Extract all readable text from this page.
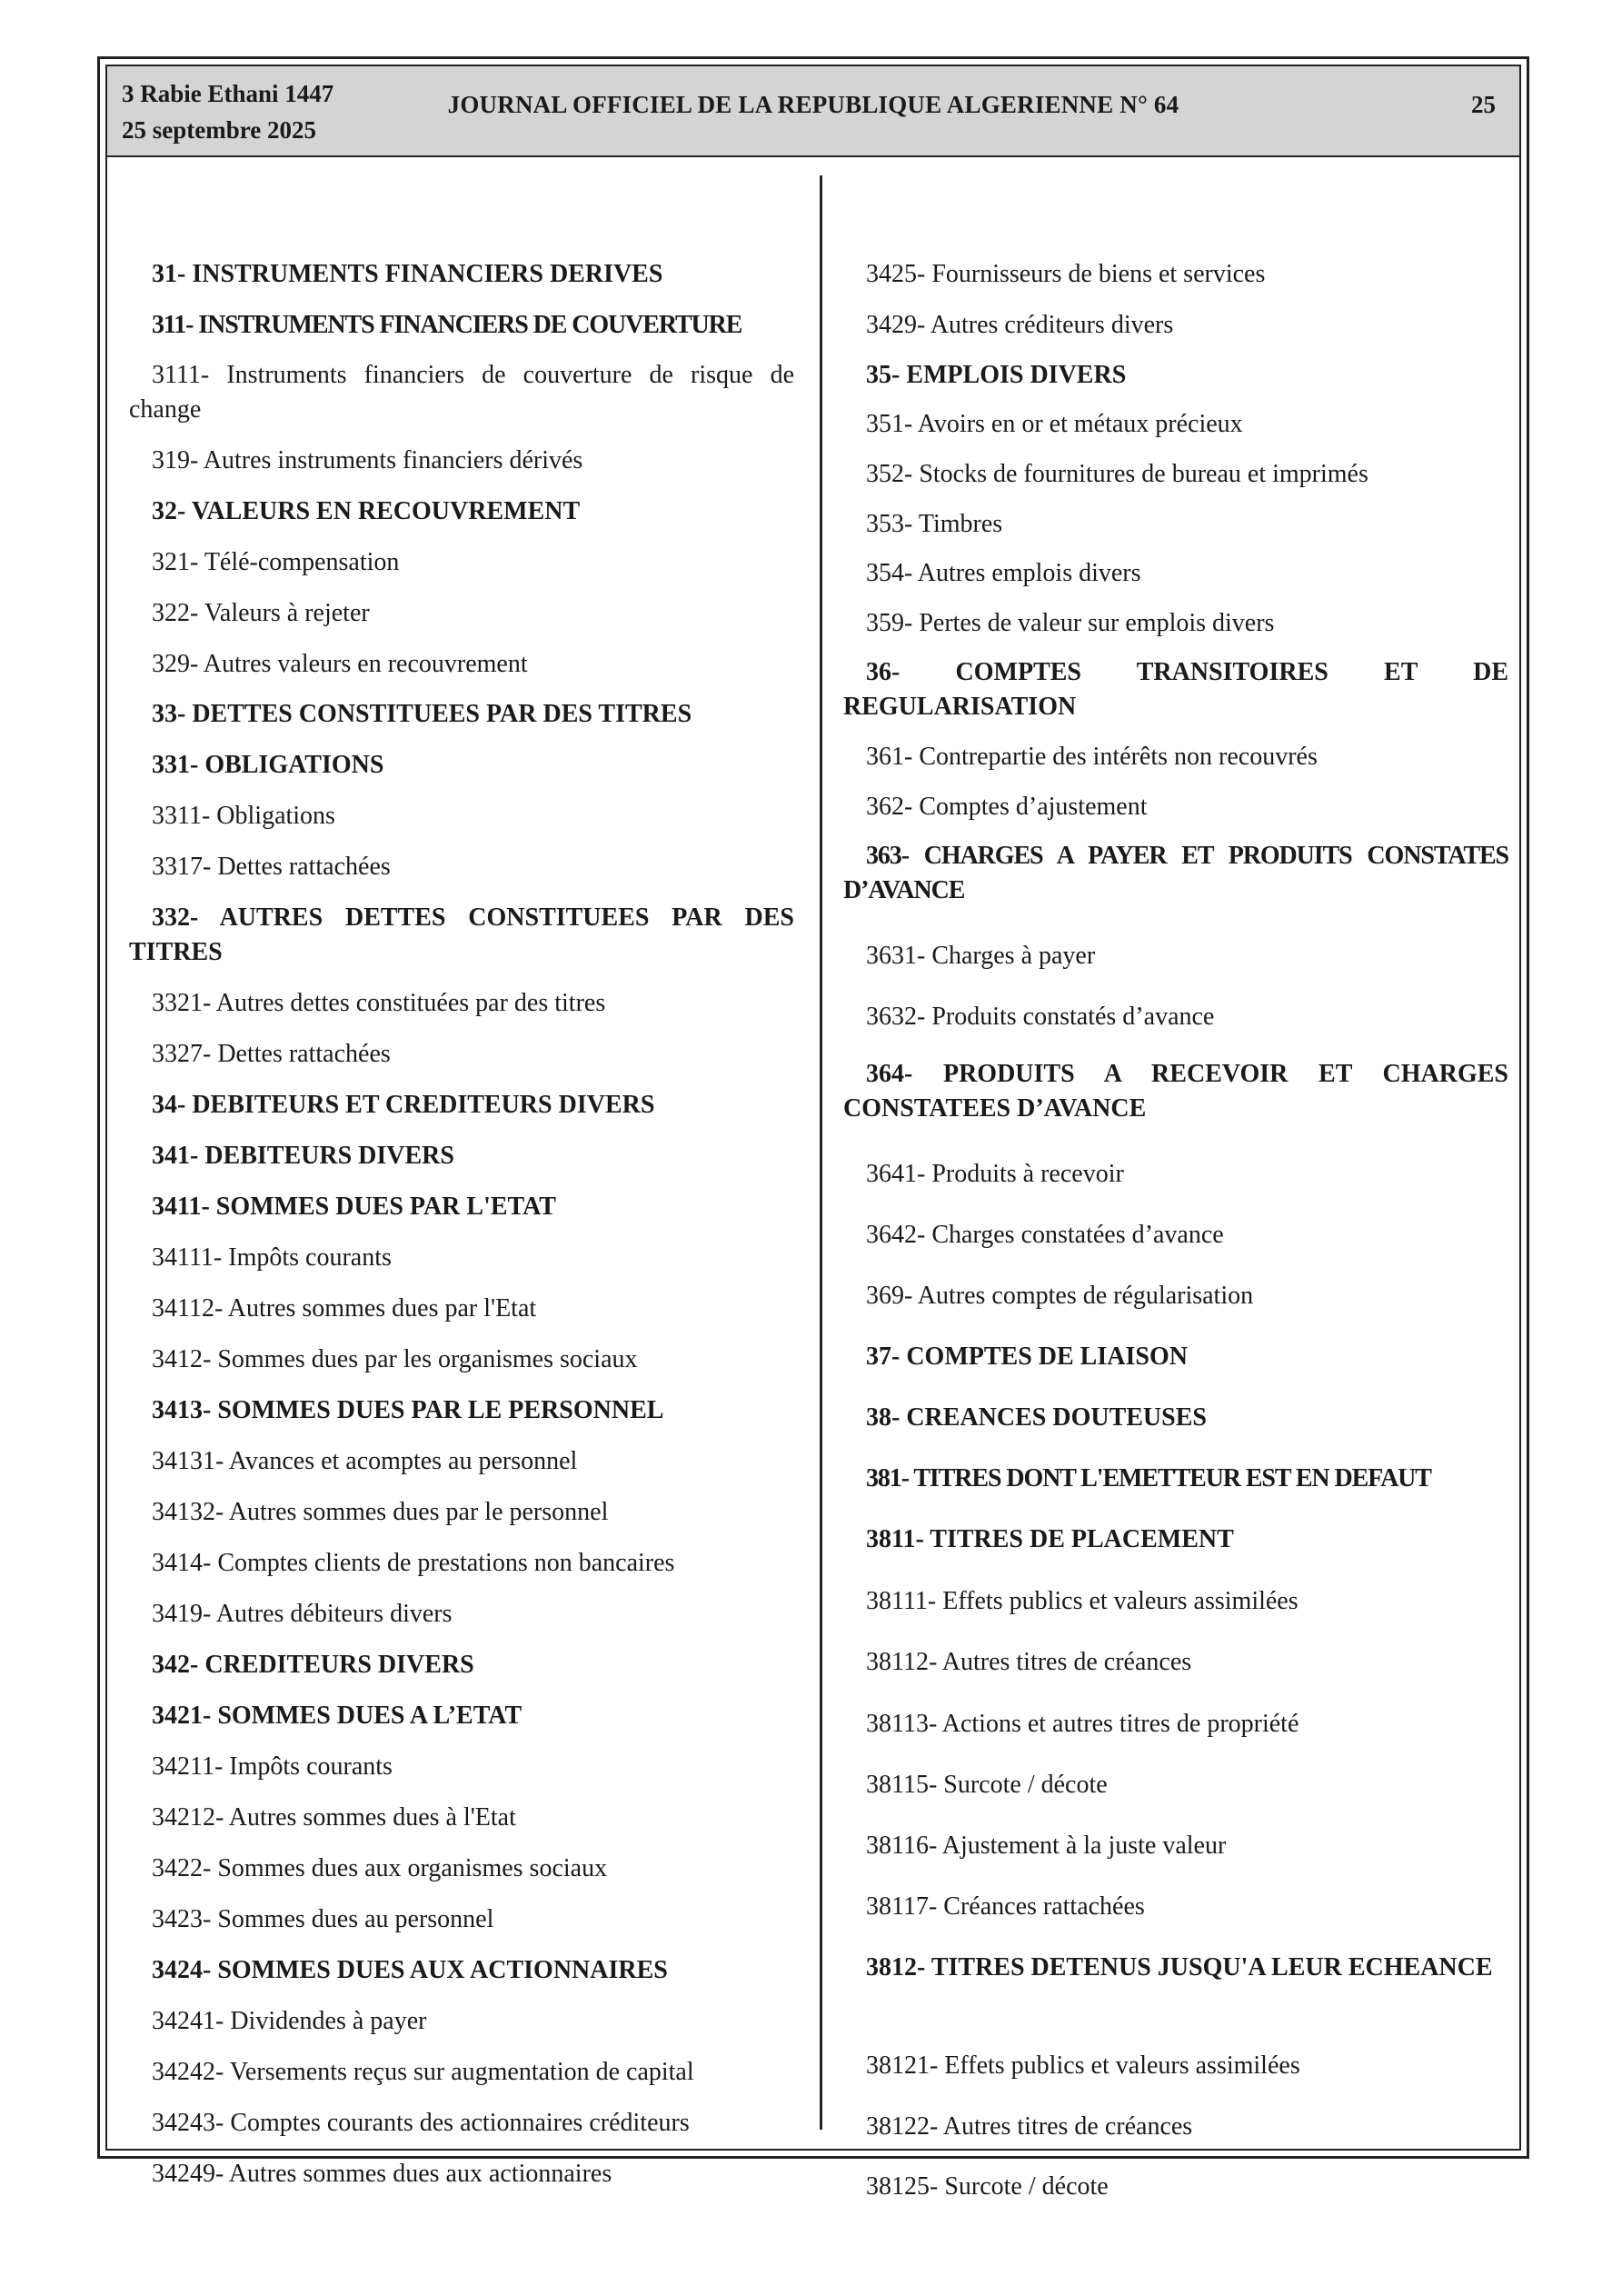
3 Rabie Ethani 1447
25 septembre 2025
JOURNAL OFFICIEL DE LA REPUBLIQUE ALGERIENNE N° 64	25
31- INSTRUMENTS FINANCIERS DERIVES
311- INSTRUMENTS FINANCIERS DE COUVERTURE
3111- Instruments financiers de couverture de risque de change
319- Autres instruments financiers dérivés
32- VALEURS EN RECOUVREMENT
321- Télé-compensation
322- Valeurs à rejeter
329- Autres valeurs en recouvrement
33- DETTES CONSTITUEES PAR DES TITRES
331- OBLIGATIONS
3311- Obligations
3317- Dettes rattachées
332- AUTRES DETTES CONSTITUEES PAR DES TITRES
3321- Autres dettes constituées par des titres
3327- Dettes rattachées
34- DEBITEURS ET CREDITEURS DIVERS
341- DEBITEURS DIVERS
3411- SOMMES DUES PAR L'ETAT
34111- Impôts courants
34112- Autres sommes dues par l'Etat
3412- Sommes dues par les organismes sociaux
3413- SOMMES DUES PAR LE PERSONNEL
34131- Avances et acomptes au personnel
34132- Autres sommes dues par le personnel
3414- Comptes clients de prestations non bancaires
3419- Autres débiteurs divers
342- CREDITEURS DIVERS
3421- SOMMES DUES A L’ETAT
34211- Impôts courants
34212- Autres sommes dues à l'Etat
3422- Sommes dues aux organismes sociaux
3423- Sommes dues au personnel
3424- SOMMES DUES AUX ACTIONNAIRES
34241- Dividendes à payer
34242- Versements reçus sur augmentation de capital
34243- Comptes courants des actionnaires créditeurs
34249- Autres sommes dues aux actionnaires
3425- Fournisseurs de biens et services
3429- Autres créditeurs divers
35- EMPLOIS DIVERS
351- Avoirs en or et métaux précieux
352- Stocks de fournitures de bureau et imprimés
353- Timbres
354- Autres emplois divers
359- Pertes de valeur sur emplois divers
36- COMPTES TRANSITOIRES ET DE REGULARISATION
361- Contrepartie des intérêts non recouvrés
362- Comptes d’ajustement
363- CHARGES A PAYER ET PRODUITS CONSTATES D’AVANCE
3631- Charges à payer
3632- Produits constatés d’avance
364- PRODUITS A RECEVOIR ET CHARGES CONSTATEES D’AVANCE
3641- Produits à recevoir
3642- Charges constatées d’avance
369- Autres comptes de régularisation
37- COMPTES DE LIAISON
38- CREANCES DOUTEUSES
381- TITRES DONT L'EMETTEUR EST EN DEFAUT
3811- TITRES DE PLACEMENT
38111- Effets publics et valeurs assimilées
38112- Autres titres de créances
38113- Actions et autres titres de propriété
38115- Surcote / décote
38116- Ajustement à la juste valeur
38117- Créances rattachées
3812- TITRES DETENUS JUSQU'A LEUR ECHEANCE
38121- Effets publics et valeurs assimilées
38122- Autres titres de créances
38125- Surcote / décote
